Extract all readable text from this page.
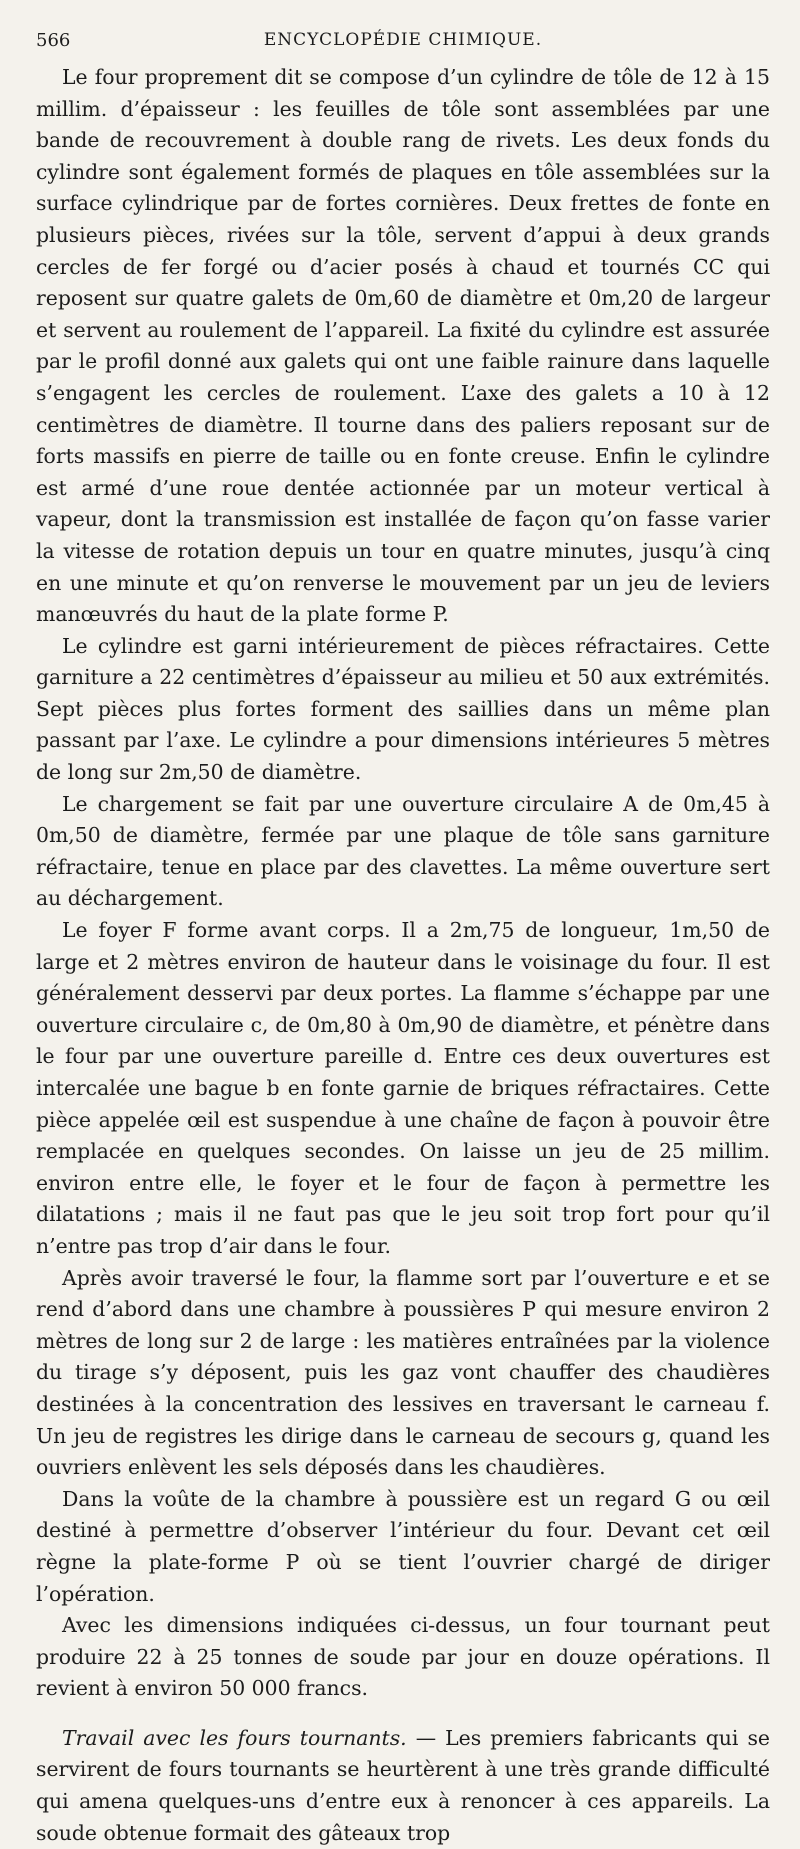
566	ENCYCLOPÉDIE CHIMIQUE.

Le four proprement dit se compose d’un cylindre de tôle de 12 à 15 millim. d’épaisseur : les feuilles de tôle sont assemblées par une bande de recouvrement à double rang de rivets. Les deux fonds du cylindre sont également formés de plaques en tôle assemblées sur la surface cylindrique par de fortes cornières. Deux frettes de fonte en plusieurs pièces, rivées sur la tôle, servent d’appui à deux grands cercles de fer forgé ou d’acier posés à chaud et tournés CC qui reposent sur quatre galets de 0m,60 de diamètre et 0m,20 de largeur et servent au roulement de l’appareil. La fixité du cylindre est assurée par le profil donné aux galets qui ont une faible rainure dans laquelle s’engagent les cercles de roulement. L’axe des galets a 10 à 12 centimètres de diamètre. Il tourne dans des paliers reposant sur de forts massifs en pierre de taille ou en fonte creuse. Enfin le cylindre est armé d’une roue dentée actionnée par un moteur vertical à vapeur, dont la transmission est installée de façon qu’on fasse varier la vitesse de rotation depuis un tour en quatre minutes, jusqu’à cinq en une minute et qu’on renverse le mouvement par un jeu de leviers manœuvrés du haut de la plate forme P.

Le cylindre est garni intérieurement de pièces réfractaires. Cette garniture a 22 centimètres d’épaisseur au milieu et 50 aux extrémités. Sept pièces plus fortes forment des saillies dans un même plan passant par l’axe. Le cylindre a pour dimensions intérieures 5 mètres de long sur 2m,50 de diamètre.

Le chargement se fait par une ouverture circulaire A de 0m,45 à 0m,50 de diamètre, fermée par une plaque de tôle sans garniture réfractaire, tenue en place par des clavettes. La même ouverture sert au déchargement.

Le foyer F forme avant corps. Il a 2m,75 de longueur, 1m,50 de large et 2 mètres environ de hauteur dans le voisinage du four. Il est généralement desservi par deux portes. La flamme s’échappe par une ouverture circulaire c, de 0m,80 à 0m,90 de diamètre, et pénètre dans le four par une ouverture pareille d. Entre ces deux ouvertures est intercalée une bague b en fonte garnie de briques réfractaires. Cette pièce appelée œil est suspendue à une chaîne de façon à pouvoir être remplacée en quelques secondes. On laisse un jeu de 25 millim. environ entre elle, le foyer et le four de façon à permettre les dilatations ; mais il ne faut pas que le jeu soit trop fort pour qu’il n’entre pas trop d’air dans le four.

Après avoir traversé le four, la flamme sort par l’ouverture e et se rend d’abord dans une chambre à poussières P qui mesure environ 2 mètres de long sur 2 de large : les matières entraînées par la violence du tirage s’y déposent, puis les gaz vont chauffer des chaudières destinées à la concentration des lessives en traversant le carneau f. Un jeu de registres les dirige dans le carneau de secours g, quand les ouvriers enlèvent les sels déposés dans les chaudières.

Dans la voûte de la chambre à poussière est un regard G ou œil destiné à permettre d’observer l’intérieur du four. Devant cet œil règne la plate-forme P où se tient l’ouvrier chargé de diriger l’opération.

Avec les dimensions indiquées ci-dessus, un four tournant peut produire 22 à 25 tonnes de soude par jour en douze opérations. Il revient à environ 50 000 francs.

Travail avec les fours tournants. — Les premiers fabricants qui se servirent de fours tournants se heurtèrent à une très grande difficulté qui amena quelques-uns d’entre eux à renoncer à ces appareils. La soude obtenue formait des gâteaux trop
